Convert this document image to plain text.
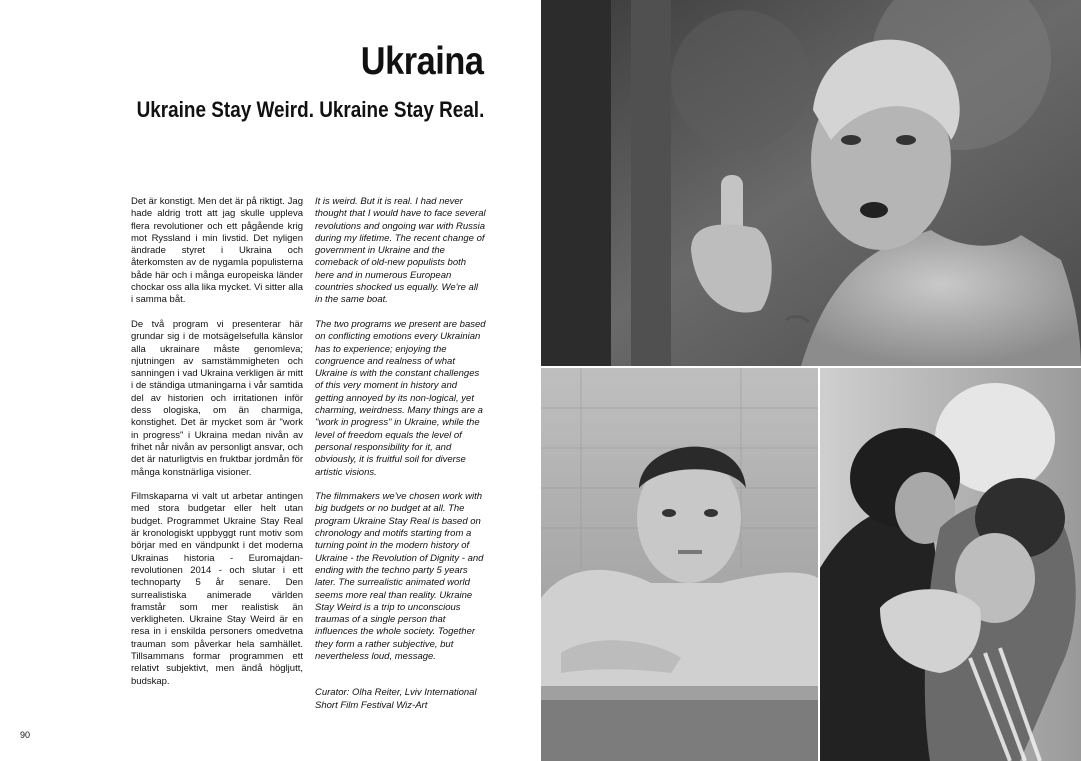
Ukraina
Ukraine Stay Weird. Ukraine Stay Real.

Det är konstigt. Men det är på riktigt. Jag hade aldrig trott att jag skulle uppleva flera revolutioner och ett pågående krig mot Ryssland i min livstid. Det nyligen ändrade styret i Ukraina och återkomsten av de nygamla populisterna både här och i många europeiska länder chockar oss alla lika mycket. Vi sitter alla i samma båt.

De två program vi presenterar här grundar sig i de motsägelsefulla känslor alla ukrainare måste genomleva; njutningen av samstämmigheten och sanningen i vad Ukraina verkligen är mitt i de ständiga utmaningarna i vår samtida del av historien och irritationen inför dess ologiska, om än charmiga, konstighet. Det är mycket som är "work in progress" i Ukraina medan nivån av frihet når nivån av personligt ansvar, och det är naturligtvis en fruktbar jordmån för många konstnärliga visioner.

Filmskaparna vi valt ut arbetar antingen med stora budgetar eller helt utan budget. Programmet Ukraine Stay Real är kronologiskt uppbyggt runt motiv som börjar med en vändpunkt i det moderna Ukrainas historia - Euromajdan-revolutionen 2014 - och slutar i ett technoparty 5 år senare. Den surrealistiska animerade världen framstår som mer realistisk än verkligheten. Ukraine Stay Weird är en resa in i enskilda personers omedvetna trauman som påverkar hela samhället. Tillsammans formar programmen ett relativt subjektivt, men ändå högljutt, budskap.

It is weird. But it is real. I had never thought that I would have to face several revolutions and ongoing war with Russia during my lifetime. The recent change of government in Ukraine and the comeback of old-new populists both here and in numerous European countries shocked us equally. We're all in the same boat.

The two programs we present are based on conflicting emotions every Ukrainian has to experience; enjoying the congruence and realness of what Ukraine is with the constant challenges of this very moment in history and getting annoyed by its non-logical, yet charming, weirdness. Many things are a "work in progress" in Ukraine, while the level of freedom equals the level of personal responsibility for it, and obviously, it is fruitful soil for diverse artistic visions.

The filmmakers we've chosen work with big budgets or no budget at all. The program Ukraine Stay Real is based on chronology and motifs starting from a turning point in the modern history of Ukraine - the Revolution of Dignity - and ending with the techno party 5 years later. The surrealistic animated world seems more real than reality. Ukraine Stay Weird is a trip to unconscious traumas of a single person that influences the whole society. Together they form a rather subjective, but nevertheless loud, message.

Curator: Olha Reiter, Lviv International Short Film Festival Wiz-Art

90
